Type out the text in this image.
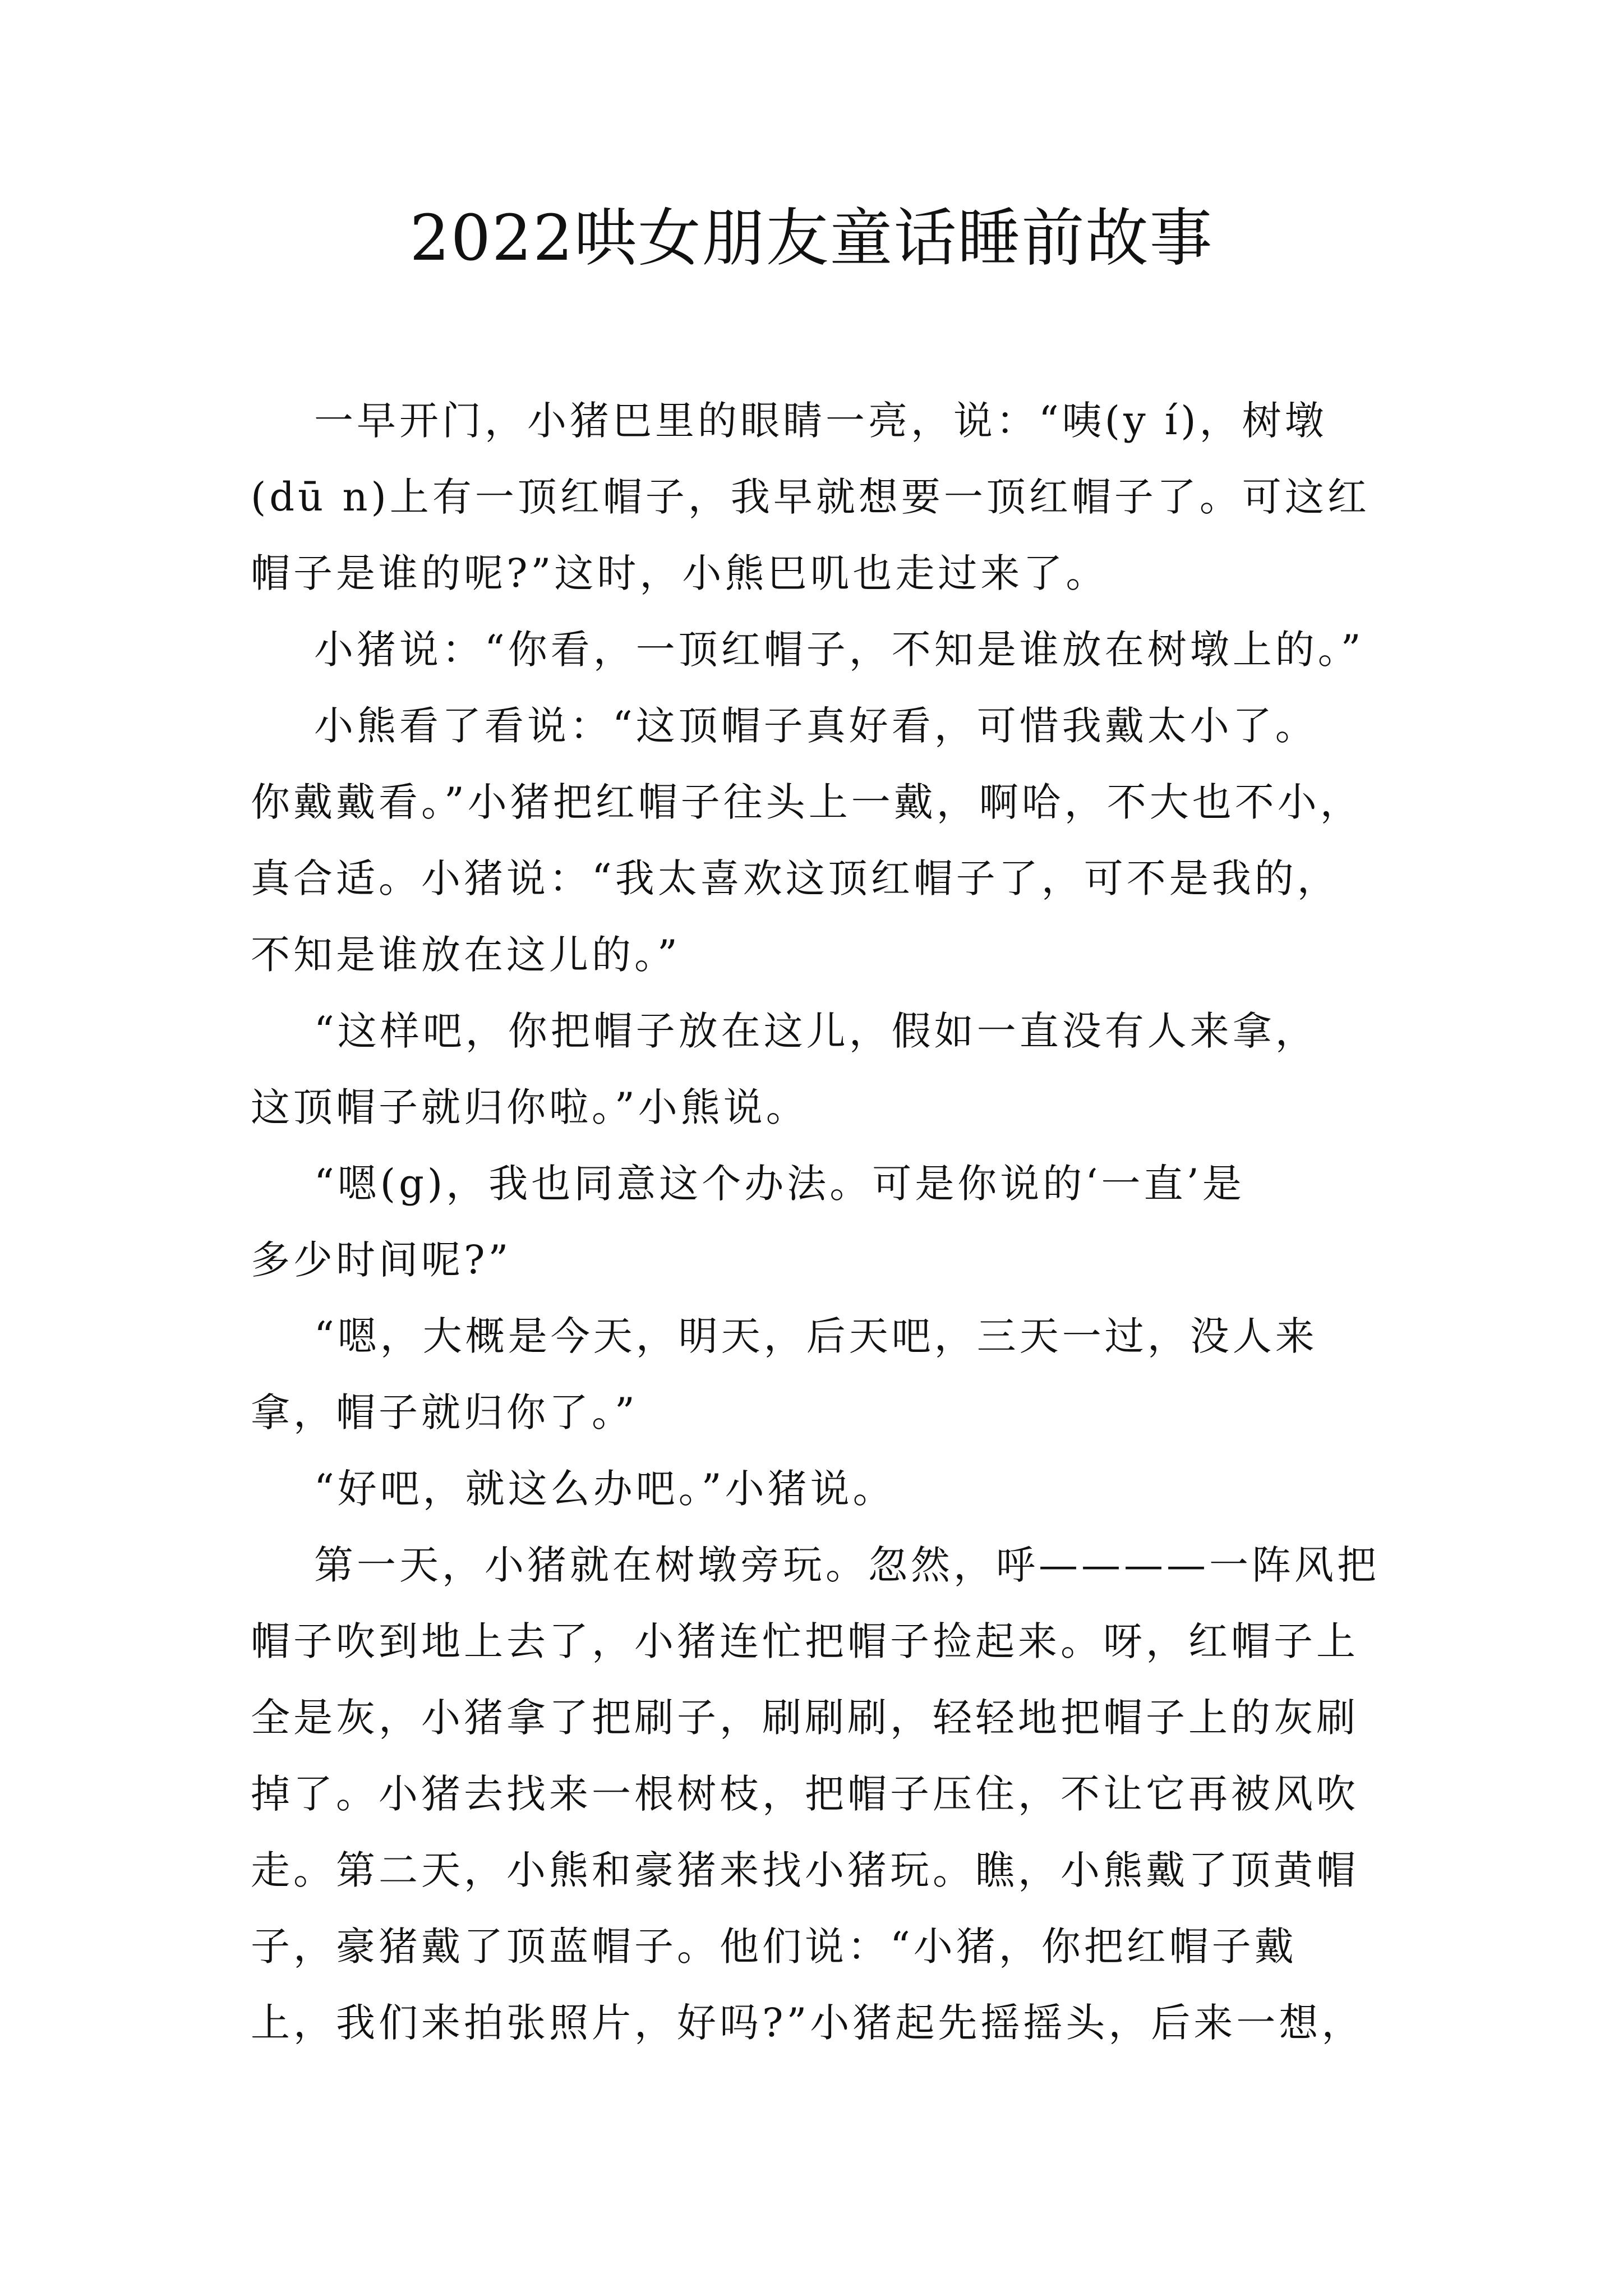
2022哄女朋友童话睡前故事
一早开门，小猪巴里的眼睛一亮，说：“咦(y í)，树墩
(dū n)上有一顶红帽子，我早就想要一顶红帽子了。可这红
帽子是谁的呢?”这时，小熊巴叽也走过来了。
小猪说：“你看，一顶红帽子，不知是谁放在树墩上的。”
小熊看了看说：“这顶帽子真好看，可惜我戴太小了。
你戴戴看。”小猪把红帽子往头上一戴，啊哈，不大也不小，
真合适。小猪说：“我太喜欢这顶红帽子了，可不是我的，
不知是谁放在这儿的。”
“这样吧，你把帽子放在这儿，假如一直没有人来拿，
这顶帽子就归你啦。”小熊说。
“嗯(g)，我也同意这个办法。可是你说的‘一直’是
多少时间呢?”
“嗯，大概是今天，明天，后天吧，三天一过，没人来
拿，帽子就归你了。”
“好吧，就这么办吧。”小猪说。
第一天，小猪就在树墩旁玩。忽然，呼————一阵风把
帽子吹到地上去了，小猪连忙把帽子捡起来。呀，红帽子上
全是灰，小猪拿了把刷子，刷刷刷，轻轻地把帽子上的灰刷
掉了。小猪去找来一根树枝，把帽子压住，不让它再被风吹
走。第二天，小熊和豪猪来找小猪玩。瞧，小熊戴了顶黄帽
子，豪猪戴了顶蓝帽子。他们说：“小猪，你把红帽子戴
上，我们来拍张照片，好吗?”小猪起先摇摇头，后来一想，
